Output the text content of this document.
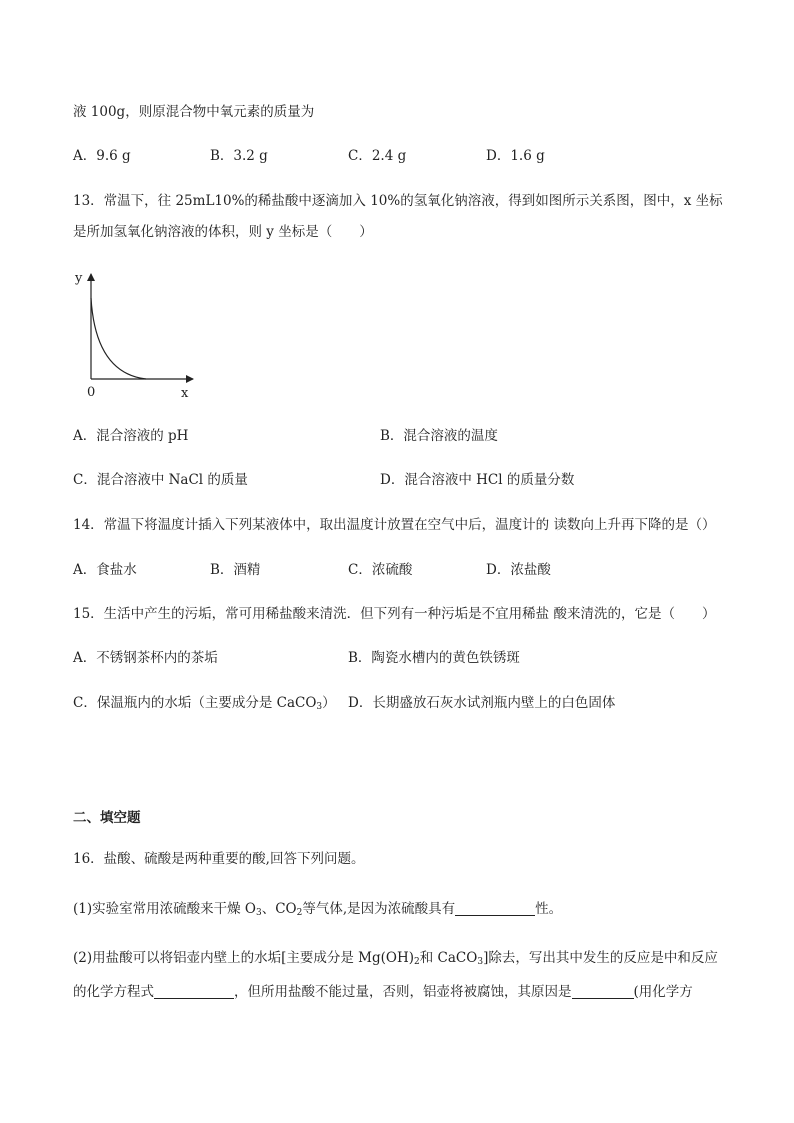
液 100g，则原混合物中氧元素的质量为
A．9.6 g	B．3.2 g	C．2.4 g	D．1.6 g
13．常温下，往 25mL10%的稀盐酸中逐滴加入 10%的氢氧化钠溶液，得到如图所示关系图，图中，x 坐标
是所加氢氧化钠溶液的体积，则 y 坐标是（　　）
y
x
0
A．混合溶液的 pH	B．混合溶液的温度
C．混合溶液中 NaCl 的质量	D．混合溶液中 HCl 的质量分数
14．常温下将温度计插入下列某液体中，取出温度计放置在空气中后，温度计的 读数向上升再下降的是（）
A．食盐水	B．酒精	C．浓硫酸	D．浓盐酸
15．生活中产生的污垢，常可用稀盐酸来清洗．但下列有一种污垢是不宜用稀盐 酸来清洗的，它是（　　）
A．不锈钢茶杯内的茶垢	B．陶瓷水槽内的黄色铁锈斑
C．保温瓶内的水垢（主要成分是 CaCO$_3$） D．长期盛放石灰水试剂瓶内壁上的白色固体
二、填空题
16．盐酸、硫酸是两种重要的酸,回答下列问题。
(1)实验室常用浓硫酸来干燥 $O_3$、$CO_2$等气体,是因为浓硫酸具有	性。
(2)用盐酸可以将铝壶内壁上的水垢[主要成分是 $Mg(OH)_2$和 CaCO$_3$]除去，写出其中发生的反应是中和反应
的化学方程式	，但所用盐酸不能过量，否则，铝壶将被腐蚀，其原因是	(用化学方
